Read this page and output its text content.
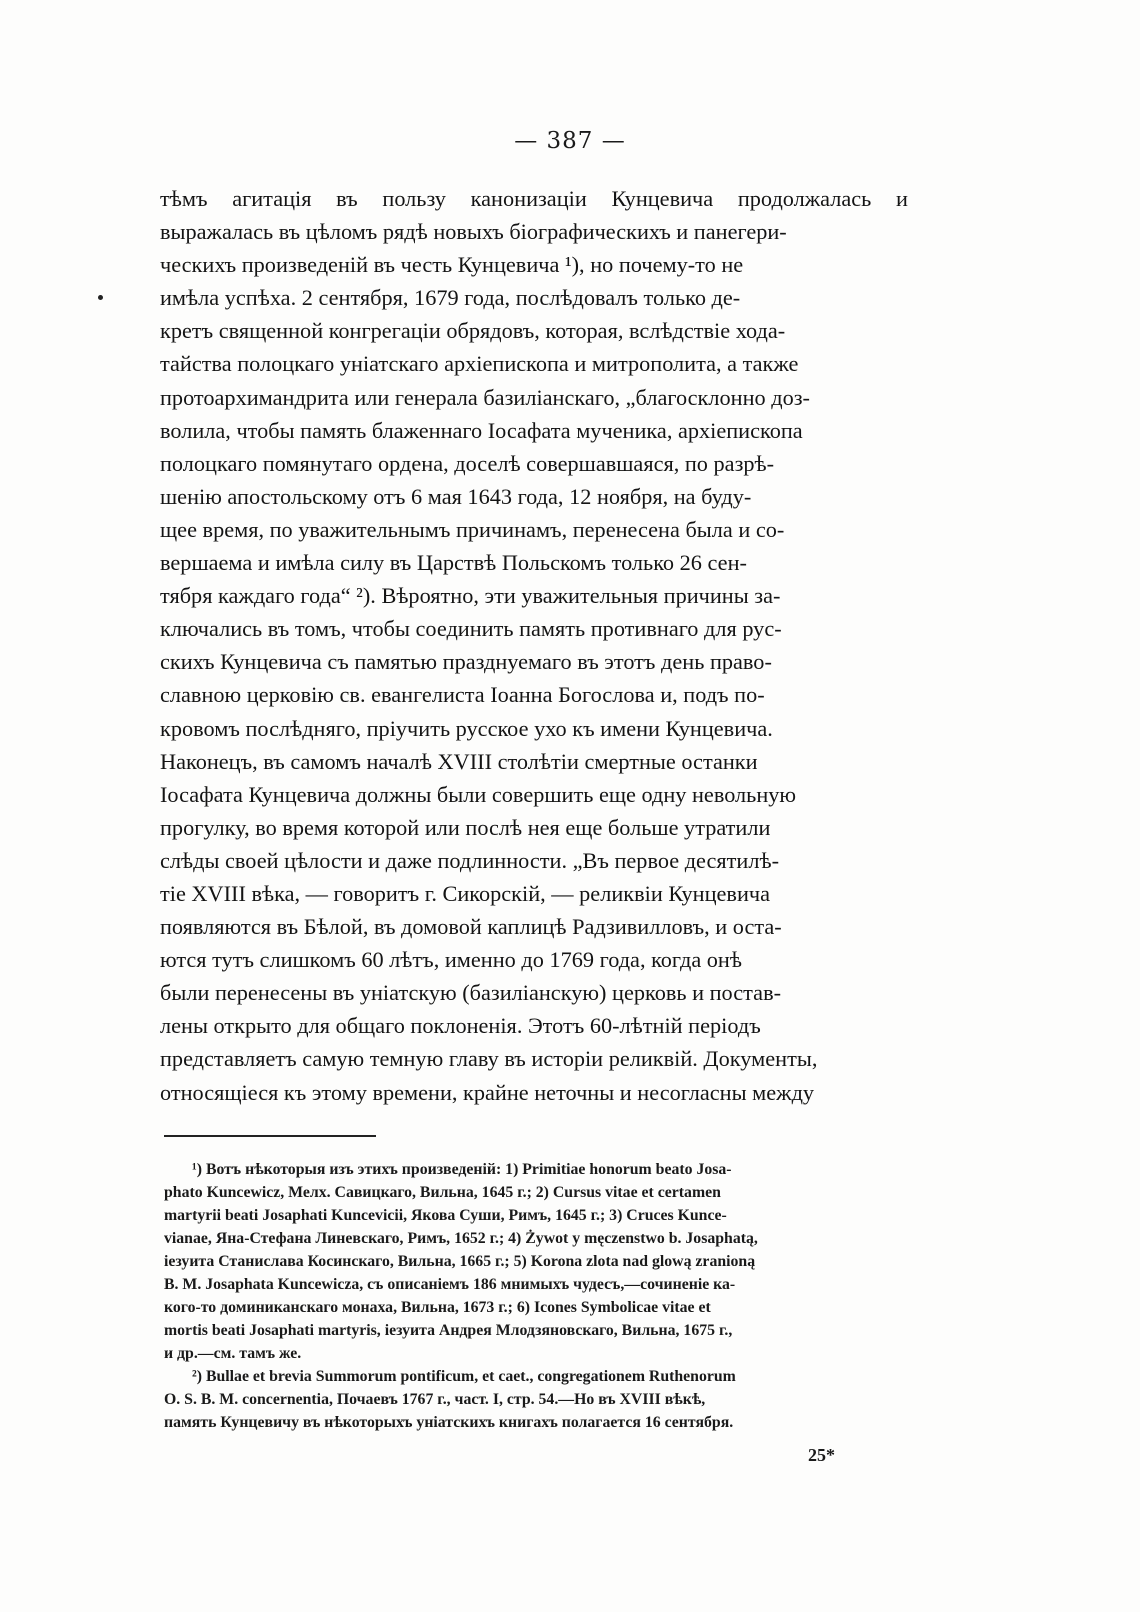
— 387 —
тѣмъ агитація въ пользу канонизаціи Кунцевича продолжалась и
выражалась въ цѣломъ рядѣ новыхъ біографическихъ и панегери-
ческихъ произведеній въ честь Кунцевича ¹), но почему-то не
имѣла успѣха. 2 сентября, 1679 года, послѣдовалъ только де-
кретъ священной конгрегаціи обрядовъ, которая, вслѣдствіе хода-
тайства полоцкаго уніатскаго архіепископа и митрополита, а также
протоархимандрита или генерала базиліанскаго, „благосклонно доз-
волила, чтобы память блаженнаго Іосафата мученика, архіепископа
полоцкаго помянутаго ордена, доселѣ совершавшаяся, по разрѣ-
шенію апостольскому отъ 6 мая 1643 года, 12 ноября, на буду-
щее время, по уважительнымъ причинамъ, перенесена была и со-
вершаема и имѣла силу въ Царствѣ Польскомъ только 26 сен-
тября каждаго года“ ²). Вѣроятно, эти уважительныя причины за-
ключались въ томъ, чтобы соединить память противнаго для рус-
скихъ Кунцевича съ памятью празднуемаго въ этотъ день право-
славною церковію св. евангелиста Іоанна Богослова и, подъ по-
кровомъ послѣдняго, пріучить русское ухо къ имени Кунцевича.
Наконецъ, въ самомъ началѣ XVIII столѣтіи смертные останки
Іосафата Кунцевича должны были совершить еще одну невольную
прогулку, во время которой или послѣ нея еще больше утратили
слѣды своей цѣлости и даже подлинности. „Въ первое десятилѣ-
тіе XVIII вѣка, — говоритъ г. Сикорскій, — реликвіи Кунцевича
появляются въ Бѣлой, въ домовой каплицѣ Радзивилловъ, и оста-
ются тутъ слишкомъ 60 лѣтъ, именно до 1769 года, когда онѣ
были перенесены въ уніатскую (базиліанскую) церковь и постав-
лены открыто для общаго поклоненія. Этотъ 60-лѣтній періодъ
представляетъ самую темную главу въ исторіи реликвій. Документы,
относящіеся къ этому времени, крайне неточны и несогласны между
¹) Вотъ нѣкоторыя изъ этихъ произведеній: 1) Primitiae honorum beato Josa-
phato Kuncewicz, Мелх. Савицкаго, Вильна, 1645 г.; 2) Cursus vitae et certamen
martyrii beati Josaphati Kuncevicii, Якова Суши, Римъ, 1645 г.; 3) Cruces Kunce-
vianae, Яна-Стефана Линевскаго, Римъ, 1652 г.; 4) Żywot y męczenstwo b. Josaphatą,
іезуита Станислава Косинскаго, Вильна, 1665 г.; 5) Korona zlota nad glową zranioną
B. M. Josaphata Kuncewicza, съ описаніемъ 186 мнимыхъ чудесъ,—сочиненіе ка-
кого-то доминиканскаго монаха, Вильна, 1673 г.; 6) Icones Symbolicae vitae et
mortis beati Josaphati martyris, іезуита Андрея Млодзяновскаго, Вильна, 1675 г.,
и др.—см. тамъ же.
²) Bullae et brevia Summorum pontificum, et caet., congregationem Ruthenorum
O. S. B. M. concernentia, Почаевъ 1767 г., част. I, стр. 54.—Но въ XVIII вѣкѣ,
память Кунцевичу въ нѣкоторыхъ уніатскихъ книгахъ полагается 16 сентября.
25*
